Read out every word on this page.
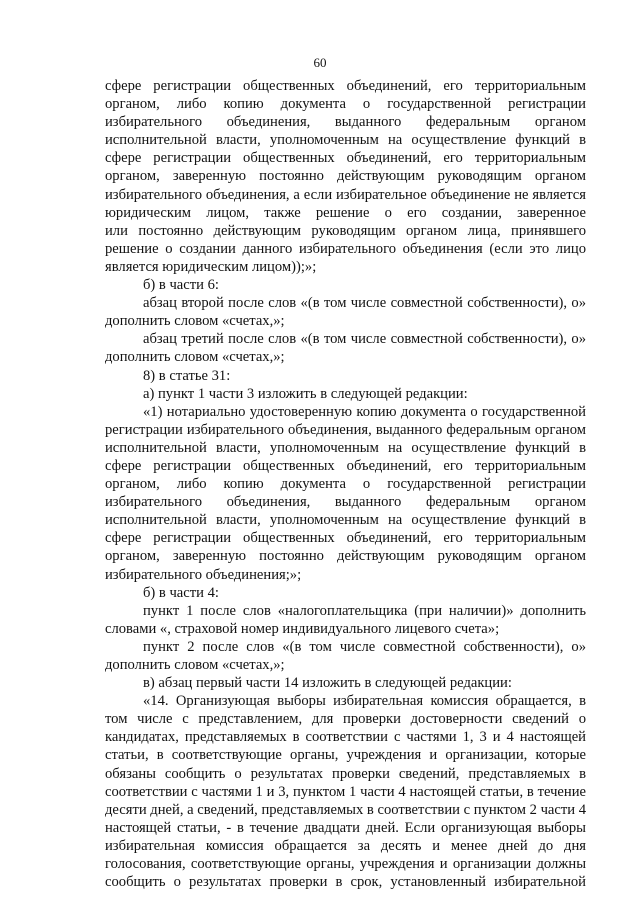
60
сфере регистрации общественных объединений, его территориальным
органом, либо копию документа о государственной регистрации
избирательного объединения, выданного федеральным органом
исполнительной власти, уполномоченным на осуществление функций в
сфере регистрации общественных объединений, его территориальным
органом, заверенную постоянно действующим руководящим органом
избирательного объединения, а если избирательное объединение не является
юридическим лицом, также решение о его создании, заверенное
или постоянно действующим руководящим органом лица, принявшего
решение о создании данного избирательного объединения (если это лицо
является юридическим лицом));»;
б) в части 6:
абзац второй после слов «(в том числе совместной собственности), о»
дополнить словом «счетах,»;
абзац третий после слов «(в том числе совместной собственности), о»
дополнить словом «счетах,»;
8) в статье 31:
а) пункт 1 части 3 изложить в следующей редакции:
«1) нотариально удостоверенную копию документа о государственной
регистрации избирательного объединения, выданного федеральным органом
исполнительной власти, уполномоченным на осуществление функций в
сфере регистрации общественных объединений, его территориальным
органом, либо копию документа о государственной регистрации
избирательного объединения, выданного федеральным органом
исполнительной власти, уполномоченным на осуществление функций в
сфере регистрации общественных объединений, его территориальным
органом, заверенную постоянно действующим руководящим органом
избирательного объединения;»;
б) в части 4:
пункт 1 после слов «налогоплательщика (при наличии)» дополнить
словами «, страховой номер индивидуального лицевого счета»;
пункт 2 после слов «(в том числе совместной собственности), о»
дополнить словом «счетах,»;
в) абзац первый части 14 изложить в следующей редакции:
«14. Организующая выборы избирательная комиссия обращается, в
том числе с представлением, для проверки достоверности сведений о
кандидатах, представляемых в соответствии с частями 1, 3 и 4 настоящей
статьи, в соответствующие органы, учреждения и организации, которые
обязаны сообщить о результатах проверки сведений, представляемых в
соответствии с частями 1 и 3, пунктом 1 части 4 настоящей статьи, в течение
десяти дней, а сведений, представляемых в соответствии с пунктом 2 части 4
настоящей статьи, - в течение двадцати дней. Если организующая выборы
избирательная комиссия обращается за десять и менее дней до дня
голосования, соответствующие органы, учреждения и организации должны
сообщить о результатах проверки в срок, установленный избирательной
